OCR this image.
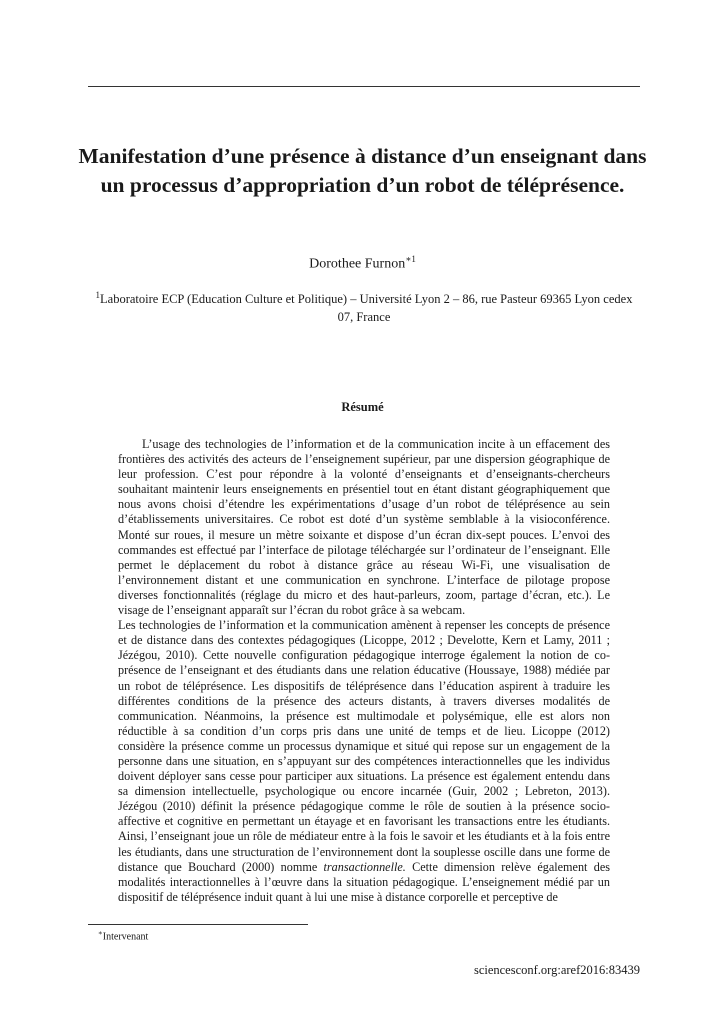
Manifestation d’une présence à distance d’un enseignant dans un processus d’appropriation d’un robot de téléprésence.
Dorothee Furnon$^{∗1}$
$^1$Laboratoire ECP (Education Culture et Politique) – Université Lyon 2 – 86, rue Pasteur 69365 Lyon cedex 07, France
Résumé

L’usage des technologies de l’information et de la communication incite à un effacement des frontières des activités des acteurs de l’enseignement supérieur, par une dispersion géographique de leur profession. C’est pour répondre à la volonté d’enseignants et d’enseignants-chercheurs souhaitant maintenir leurs enseignements en présentiel tout en étant distant géographiquement que nous avons choisi d’étendre les expérimentations d’usage d’un robot de téléprésence au sein d’établissements universitaires. Ce robot est doté d’un système semblable à la visioconférence. Monté sur roues, il mesure un mètre soixante et dispose d’un écran dix-sept pouces. L’envoi des commandes est effectué par l’interface de pilotage téléchargée sur l’ordinateur de l’enseignant. Elle permet le déplacement du robot à distance grâce au réseau Wi-Fi, une visualisation de l’environnement distant et une communication en synchrone. L’interface de pilotage propose diverses fonctionnalités (réglage du micro et des haut-parleurs, zoom, partage d’écran, etc.). Le visage de l’enseignant apparaît sur l’écran du robot grâce à sa webcam.

Les technologies de l’information et la communication amènent à repenser les concepts de présence et de distance dans des contextes pédagogiques (Licoppe, 2012 ; Develotte, Kern et Lamy, 2011 ; Jézégou, 2010). Cette nouvelle configuration pédagogique interroge également la notion de co-présence de l’enseignant et des étudiants dans une relation éducative (Houssaye, 1988) médiée par un robot de téléprésence. Les dispositifs de téléprésence dans l’éducation aspirent à traduire les différentes conditions de la présence des acteurs distants, à travers diverses modalités de communication. Néanmoins, la présence est multimodale et polysémique, elle est alors non réductible à sa condition d’un corps pris dans une unité de temps et de lieu. Licoppe (2012) considère la présence comme un processus dynamique et situé qui repose sur un engagement de la personne dans une situation, en s’appuyant sur des compétences interactionnelles que les individus doivent déployer sans cesse pour participer aux situations. La présence est également entendu dans sa dimension intellectuelle, psychologique ou encore incarnée (Guir, 2002 ; Lebreton, 2013). Jézégou (2010) définit la présence pédagogique comme le rôle de soutien à la présence socio-affective et cognitive en permettant un étayage et en favorisant les transactions entre les étudiants. Ainsi, l’enseignant joue un rôle de médiateur entre à la fois le savoir et les étudiants et à la fois entre les étudiants, dans une structuration de l’environnement dont la souplesse oscille dans une forme de distance que Bouchard (2000) nomme transactionnelle. Cette dimension relève également des modalités interactionnelles à l’œuvre dans la situation pédagogique. L’enseignement médié par un dispositif de téléprésence induit quant à lui une mise à distance corporelle et perceptive de

∗Intervenant
sciencesconf.org:aref2016:83439
